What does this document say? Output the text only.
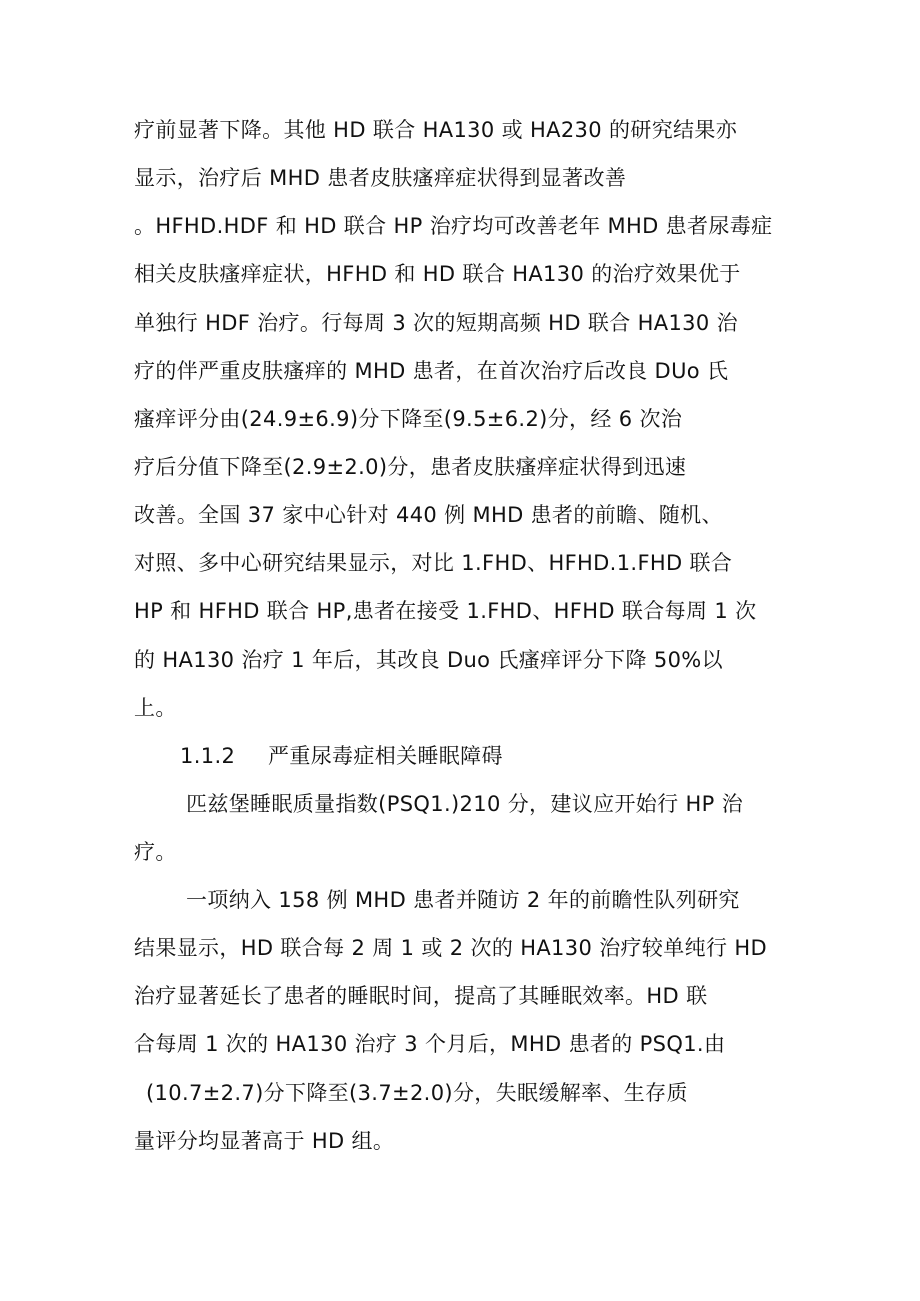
疗前显著下降。其他 HD 联合 HA130 或 HA230 的研究结果亦
显示，治疗后 MHD 患者皮肤瘙痒症状得到显著改善
。HFHD.HDF 和 HD 联合 HP 治疗均可改善老年 MHD 患者尿毒症
相关皮肤瘙痒症状，HFHD 和 HD 联合 HA130 的治疗效果优于
单独行 HDF 治疗。行每周 3 次的短期高频 HD 联合 HA130 治
疗的伴严重皮肤瘙痒的 MHD 患者，在首次治疗后改良 DUo 氏
瘙痒评分由(24.9±6.9)分下降至(9.5±6.2)分，经 6 次治
疗后分值下降至(2.9±2.0)分，患者皮肤瘙痒症状得到迅速
改善。全国 37 家中心针对 440 例 MHD 患者的前瞻、随机、
对照、多中心研究结果显示，对比 1.FHD、HFHD.1.FHD 联合
HP 和 HFHD 联合 HP,患者在接受 1.FHD、HFHD 联合每周 1 次
的 HA130 治疗 1 年后，其改良 Duo 氏瘙痒评分下降 50%以
上。
1.1.2 严重尿毒症相关睡眠障碍
匹兹堡睡眠质量指数(PSQ1.)210 分，建议应开始行 HP 治
疗。
一项纳入 158 例 MHD 患者并随访 2 年的前瞻性队列研究
结果显示，HD 联合每 2 周 1 或 2 次的 HA130 治疗较单纯行 HD
治疗显著延长了患者的睡眠时间，提高了其睡眠效率。HD 联
合每周 1 次的 HA130 治疗 3 个月后，MHD 患者的 PSQ1.由
(10.7±2.7)分下降至(3.7±2.0)分，失眠缓解率、生存质
量评分均显著高于 HD 组。
